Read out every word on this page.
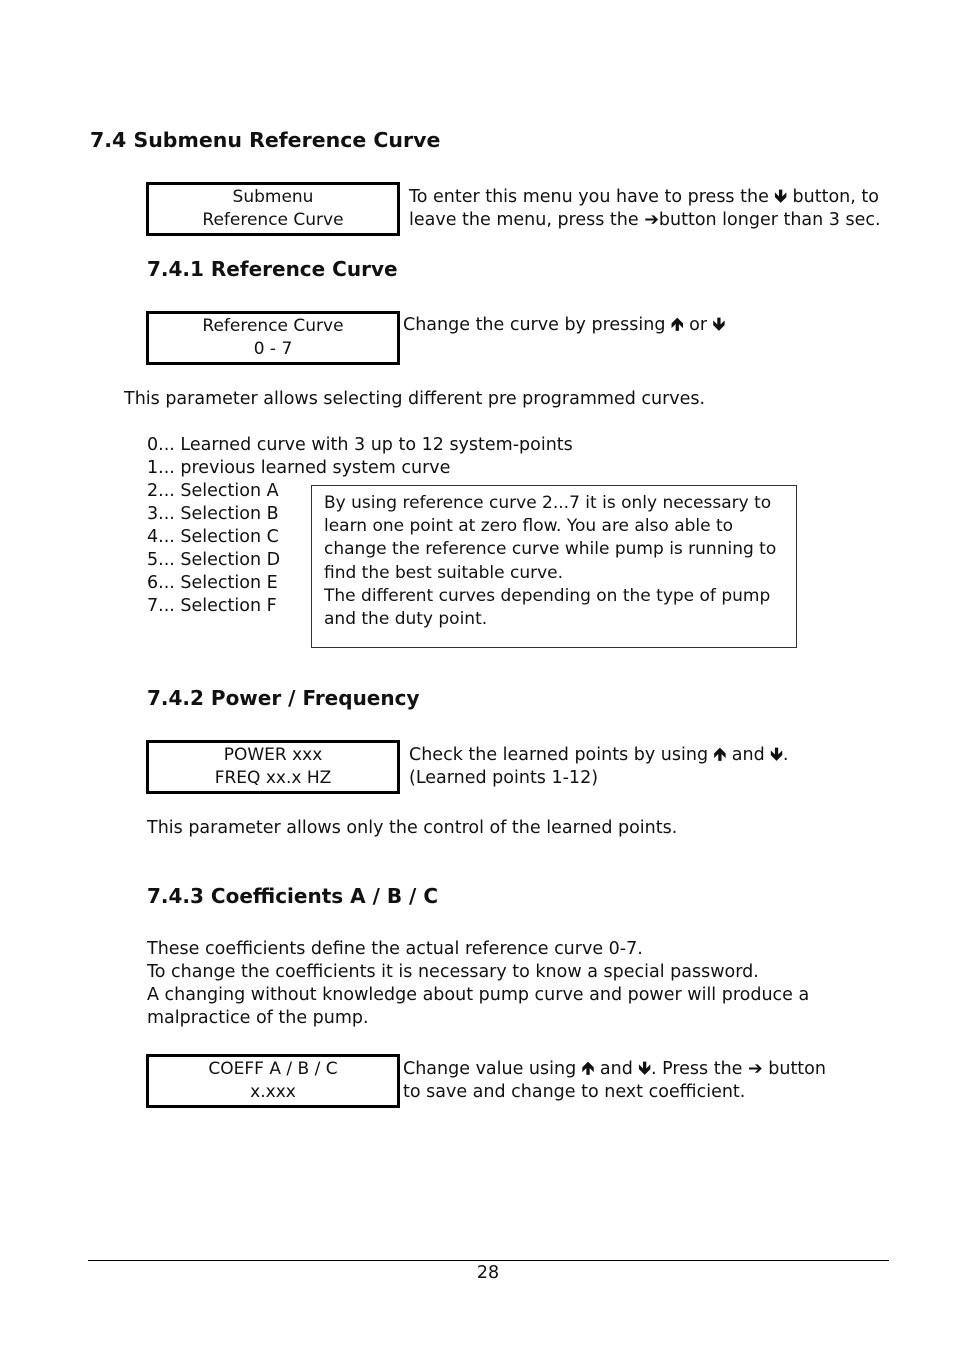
7.4 Submenu Reference Curve
Submenu
Reference Curve
To enter this menu you have to press the 🡻 button, to
leave the menu, press the ➔button longer than 3 sec.
7.4.1 Reference Curve
Reference Curve
0 - 7
Change the curve by pressing 🡹 or 🡻
This parameter allows selecting different pre programmed curves.
0... Learned curve with 3 up to 12 system-points
1... previous learned system curve
2... Selection A
3... Selection B
4... Selection C
5... Selection D
6... Selection E
7... Selection F
By using reference curve 2...7 it is only necessary to
learn one point at zero flow. You are also able to
change the reference curve while pump is running to
find the best suitable curve.
The different curves depending on the type of pump
and the duty point.
7.4.2 Power / Frequency
POWER xxx
FREQ xx.x HZ
Check the learned points by using 🡹 and 🡻.
(Learned points 1-12)
This parameter allows only the control of the learned points.
7.4.3 Coefficients A / B / C
These coefficients define the actual reference curve 0-7.
To change the coefficients it is necessary to know a special password.
A changing without knowledge about pump curve and power will produce a
malpractice of the pump.
COEFF A / B / C
x.xxx
Change value using 🡹 and 🡻. Press the ➔ button
to save and change to next coefficient.
28
